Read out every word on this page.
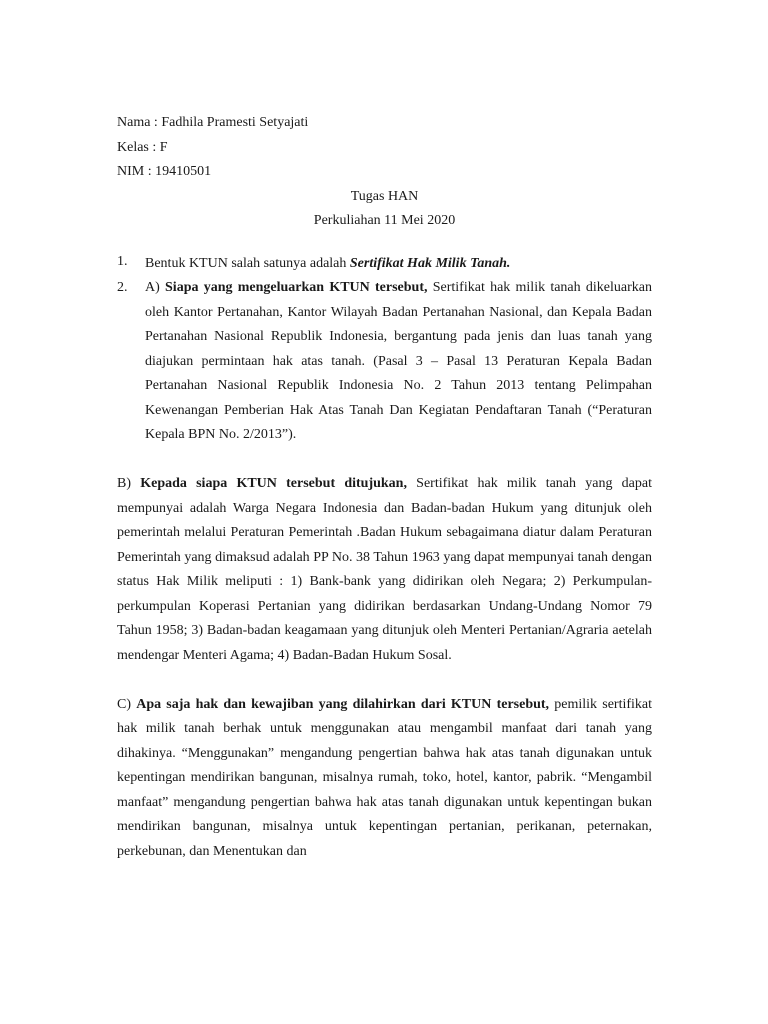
Nama : Fadhila Pramesti Setyajati
Kelas : F
NIM : 19410501
Tugas HAN
Perkuliahan 11 Mei 2020
1.	Bentuk KTUN salah satunya adalah Sertifikat Hak Milik Tanah.
2.	A) Siapa yang mengeluarkan KTUN tersebut, Sertifikat hak milik tanah dikeluarkan oleh Kantor Pertanahan, Kantor Wilayah Badan Pertanahan Nasional, dan Kepala Badan Pertanahan Nasional Republik Indonesia, bergantung pada jenis dan luas tanah yang diajukan permintaan hak atas tanah. (Pasal 3 – Pasal 13 Peraturan Kepala Badan Pertanahan Nasional Republik Indonesia No. 2 Tahun 2013 tentang Pelimpahan Kewenangan Pemberian Hak Atas Tanah Dan Kegiatan Pendaftaran Tanah (“Peraturan Kepala BPN No. 2/2013”).
B) Kepada siapa KTUN tersebut ditujukan, Sertifikat hak milik tanah yang dapat mempunyai adalah Warga Negara Indonesia dan Badan-badan Hukum yang ditunjuk oleh pemerintah melalui Peraturan Pemerintah .Badan Hukum sebagaimana diatur dalam Peraturan Pemerintah yang dimaksud adalah PP No. 38 Tahun 1963 yang dapat mempunyai tanah dengan status Hak Milik meliputi : 1) Bank-bank yang didirikan oleh Negara; 2) Perkumpulan-perkumpulan Koperasi Pertanian yang didirikan berdasarkan Undang-Undang Nomor 79 Tahun 1958; 3) Badan-badan keagamaan yang ditunjuk oleh Menteri Pertanian/Agraria aetelah mendengar Menteri Agama; 4) Badan-Badan Hukum Sosal.
C) Apa saja hak dan kewajiban yang dilahirkan dari KTUN tersebut, pemilik sertifikat hak milik tanah berhak untuk menggunakan atau mengambil manfaat dari tanah yang dihakinya. “Menggunakan” mengandung pengertian bahwa hak atas tanah digunakan untuk kepentingan mendirikan bangunan, misalnya rumah, toko, hotel, kantor, pabrik. “Mengambil manfaat” mengandung pengertian bahwa hak atas tanah digunakan untuk kepentingan bukan mendirikan bangunan, misalnya untuk kepentingan pertanian, perikanan, peternakan, perkebunan, dan Menentukan dan
